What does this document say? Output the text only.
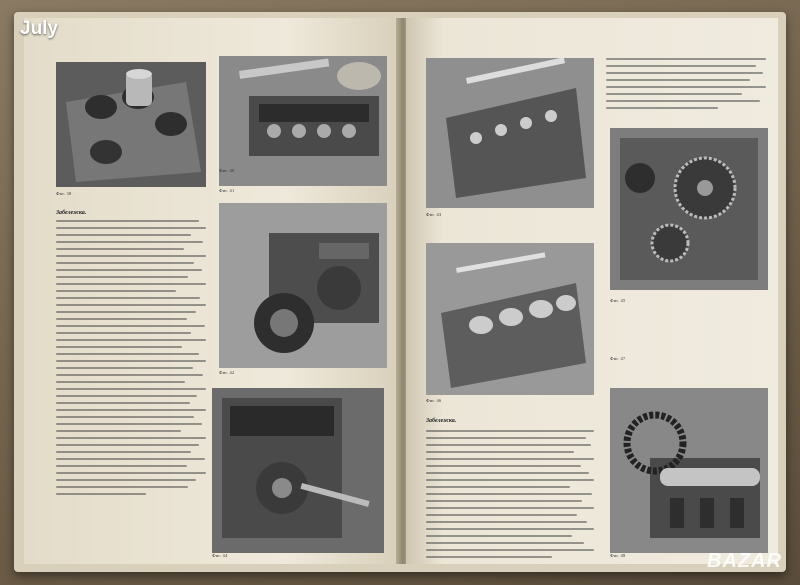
Фиг. 38
Забележка.
Фиг. 40
Фиг. 41
Фиг. 42
Фиг. 44
Фиг. 43
Фиг. 45
Фиг. 47
Фиг. 46
Забележка.
Фиг. 48
July
BAZAR
